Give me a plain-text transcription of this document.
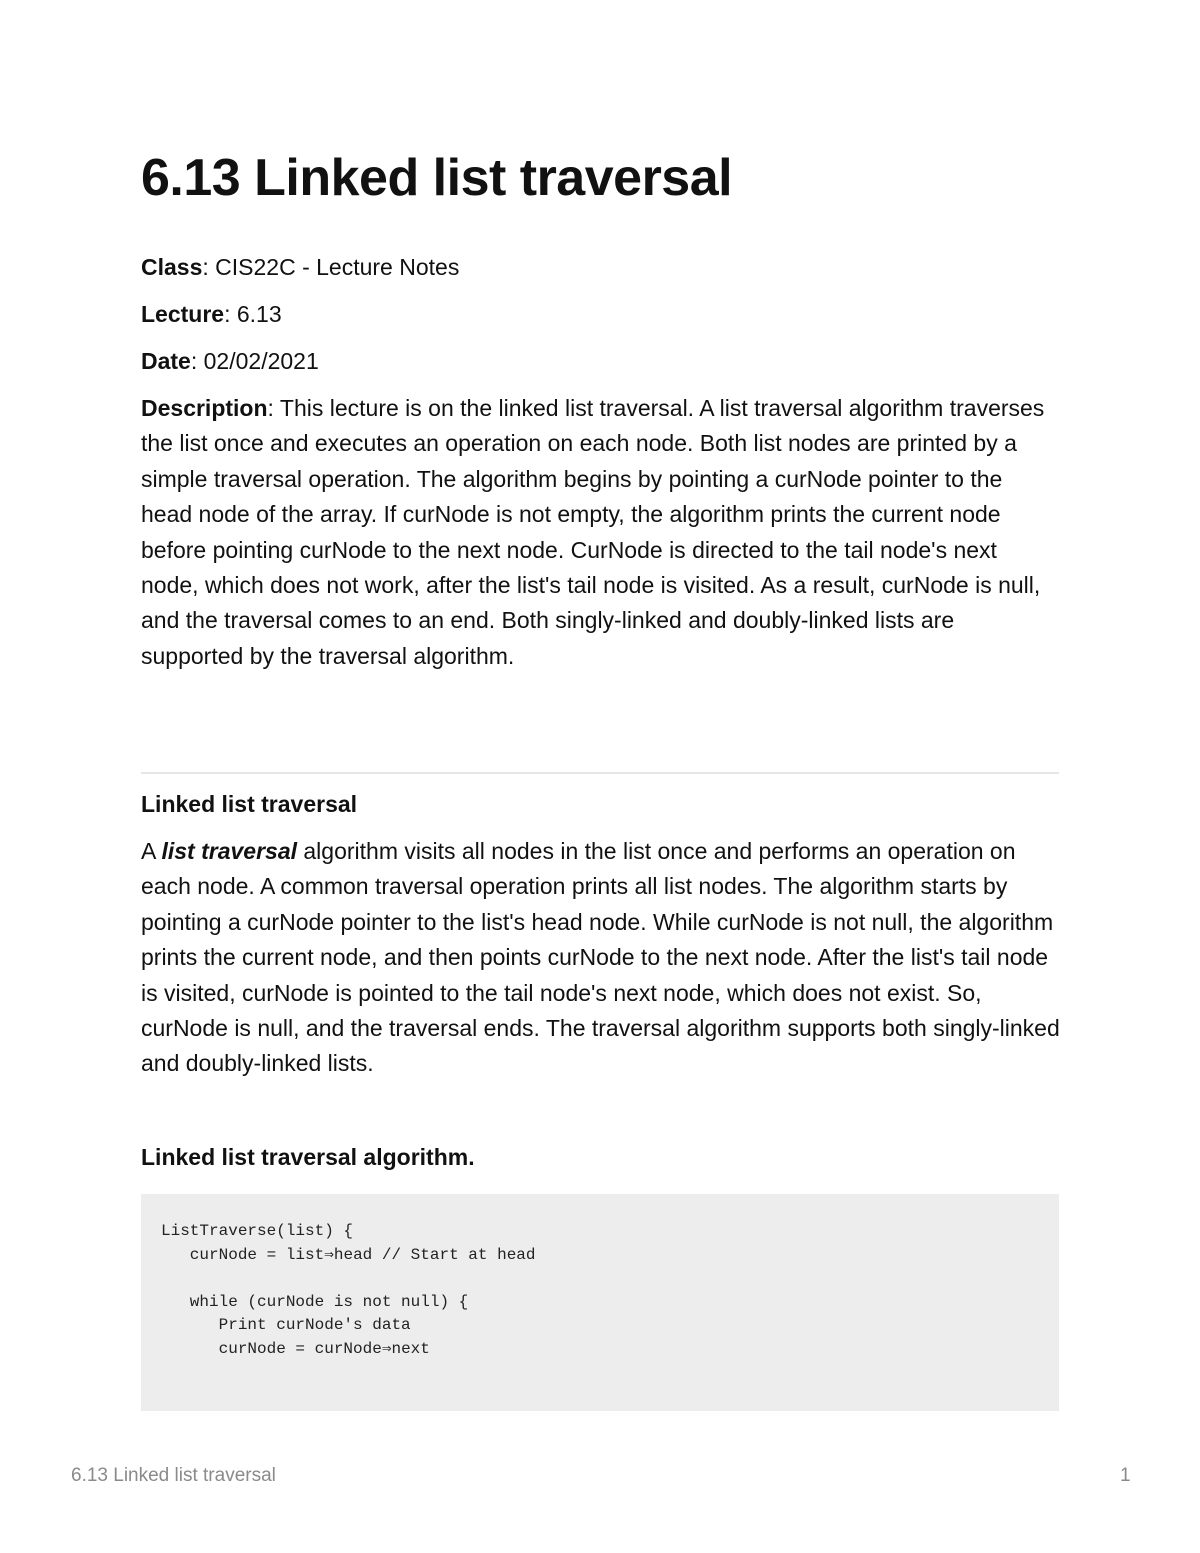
6.13 Linked list traversal

Class: CIS22C - Lecture Notes

Lecture: 6.13

Date: 02/02/2021

Description: This lecture is on the linked list traversal. A list traversal algorithm traverses the list once and executes an operation on each node. Both list nodes are printed by a simple traversal operation. The algorithm begins by pointing a curNode pointer to the head node of the array. If curNode is not empty, the algorithm prints the current node before pointing curNode to the next node. CurNode is directed to the tail node's next node, which does not work, after the list's tail node is visited. As a result, curNode is null, and the traversal comes to an end. Both singly-linked and doubly-linked lists are supported by the traversal algorithm.

Linked list traversal

A list traversal algorithm visits all nodes in the list once and performs an operation on each node. A common traversal operation prints all list nodes. The algorithm starts by pointing a curNode pointer to the list's head node. While curNode is not null, the algorithm prints the current node, and then points curNode to the next node. After the list's tail node is visited, curNode is pointed to the tail node's next node, which does not exist. So, curNode is null, and the traversal ends. The traversal algorithm supports both singly-linked and doubly-linked lists.

Linked list traversal algorithm.
ListTraverse(list) {
curNode = list⇒head // Start at head
while (curNode is not null) {
Print curNode's data
curNode = curNode⇒next
6.13 Linked list traversal	1
